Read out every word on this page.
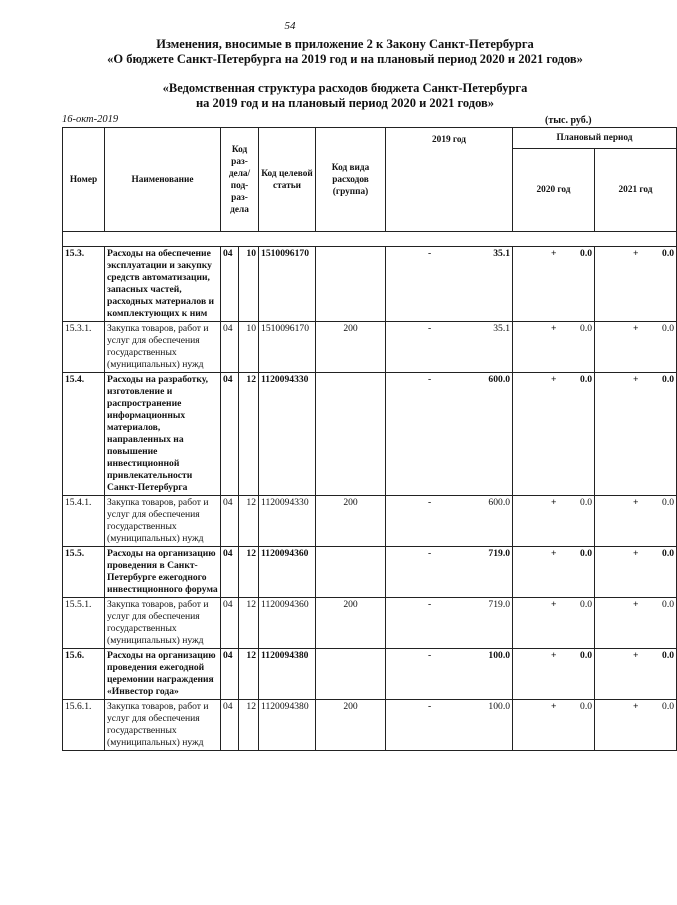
54
Изменения, вносимые в приложение 2 к Закону Санкт-Петербурга
«О бюджете Санкт-Петербурга на 2019 год и на плановый период 2020 и 2021 годов»
«Ведомственная структура расходов бюджета Санкт-Петербурга
на 2019 год и на плановый период 2020 и 2021 годов»
16-окт-2019	(тыс. руб.)
Номер	Наименование	Код раз- дела/ под- раз- дела		Код целевой статьи	Код вида расходов (группа)	2019 год	Плановый период	
							2020 год	2021 год

15.3.	Расходы на обеспечение эксплуатации и закупку средств автоматизации, запасных частей, расходных материалов и комплектующих к ним	04	10	1510096170		- 35.1	+ 0.0	+ 0.0
15.3.1.	Закупка товаров, работ и услуг для обеспечения государственных (муниципальных) нужд	04	10	1510096170	200	- 35.1	+ 0.0	+ 0.0
15.4.	Расходы на разработку, изготовление и распространение информационных материалов, направленных на повышение инвестиционной привлекательности Санкт-Петербурга	04	12	1120094330		- 600.0	+ 0.0	+ 0.0
15.4.1.	Закупка товаров, работ и услуг для обеспечения государственных (муниципальных) нужд	04	12	1120094330	200	- 600.0	+ 0.0	+ 0.0
15.5.	Расходы на организацию проведения в Санкт-Петербурге ежегодного инвестиционного форума	04	12	1120094360		- 719.0	+ 0.0	+ 0.0
15.5.1.	Закупка товаров, работ и услуг для обеспечения государственных (муниципальных) нужд	04	12	1120094360	200	- 719.0	+ 0.0	+ 0.0
15.6.	Расходы на организацию проведения ежегодной церемонии награждения «Инвестор года»	04	12	1120094380		- 100.0	+ 0.0	+ 0.0
15.6.1.	Закупка товаров, работ и услуг для обеспечения государственных (муниципальных) нужд	04	12	1120094380	200	- 100.0	+ 0.0	+ 0.0
